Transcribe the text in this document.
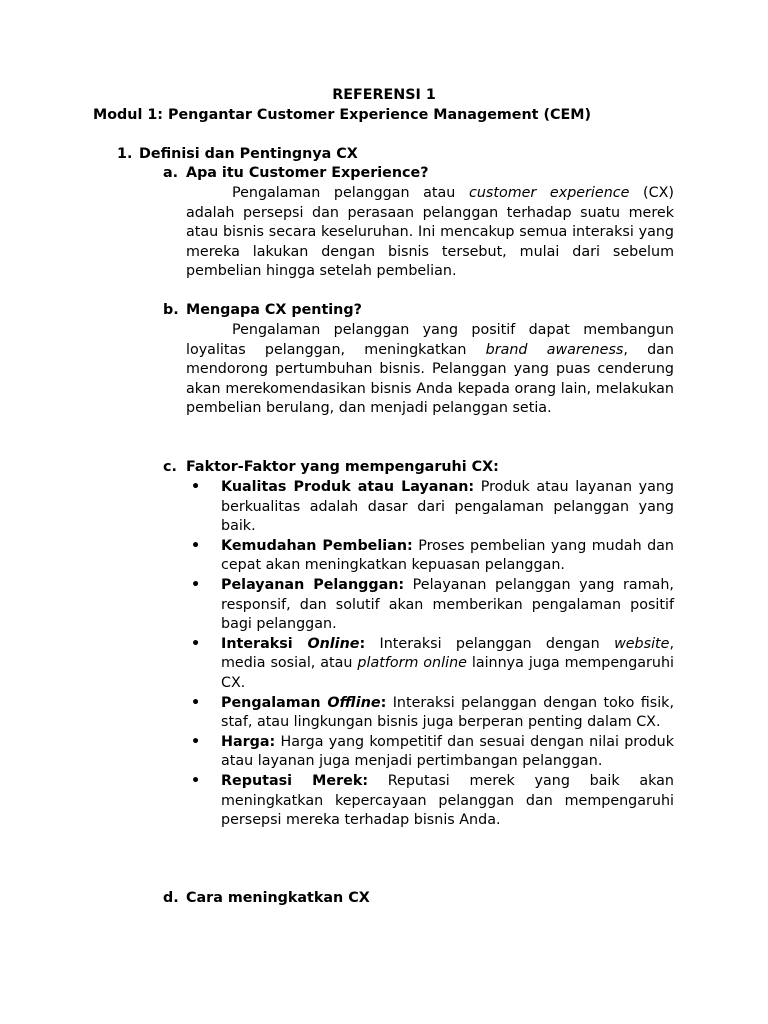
REFERENSI 1
Modul 1: Pengantar Customer Experience Management (CEM)
1. Definisi dan Pentingnya CX
a. Apa itu Customer Experience?

Pengalaman pelanggan atau customer experience (CX) adalah persepsi dan perasaan pelanggan terhadap suatu merek atau bisnis secara keseluruhan. Ini mencakup semua interaksi yang mereka lakukan dengan bisnis tersebut, mulai dari sebelum pembelian hingga setelah pembelian.

b. Mengapa CX penting?

Pengalaman pelanggan yang positif dapat membangun loyalitas pelanggan, meningkatkan brand awareness, dan mendorong pertumbuhan bisnis. Pelanggan yang puas cenderung akan merekomendasikan bisnis Anda kepada orang lain, melakukan pembelian berulang, dan menjadi pelanggan setia.

c. Faktor-Faktor yang mempengaruhi CX:
• Kualitas Produk atau Layanan: Produk atau layanan yang berkualitas adalah dasar dari pengalaman pelanggan yang baik.
• Kemudahan Pembelian: Proses pembelian yang mudah dan cepat akan meningkatkan kepuasan pelanggan.
• Pelayanan Pelanggan: Pelayanan pelanggan yang ramah, responsif, dan solutif akan memberikan pengalaman positif bagi pelanggan.
• Interaksi Online: Interaksi pelanggan dengan website, media sosial, atau platform online lainnya juga mempengaruhi CX.
• Pengalaman Offline: Interaksi pelanggan dengan toko fisik, staf, atau lingkungan bisnis juga berperan penting dalam CX.
• Harga: Harga yang kompetitif dan sesuai dengan nilai produk atau layanan juga menjadi pertimbangan pelanggan.
• Reputasi Merek: Reputasi merek yang baik akan meningkatkan kepercayaan pelanggan dan mempengaruhi persepsi mereka terhadap bisnis Anda.
d. Cara meningkatkan CX
